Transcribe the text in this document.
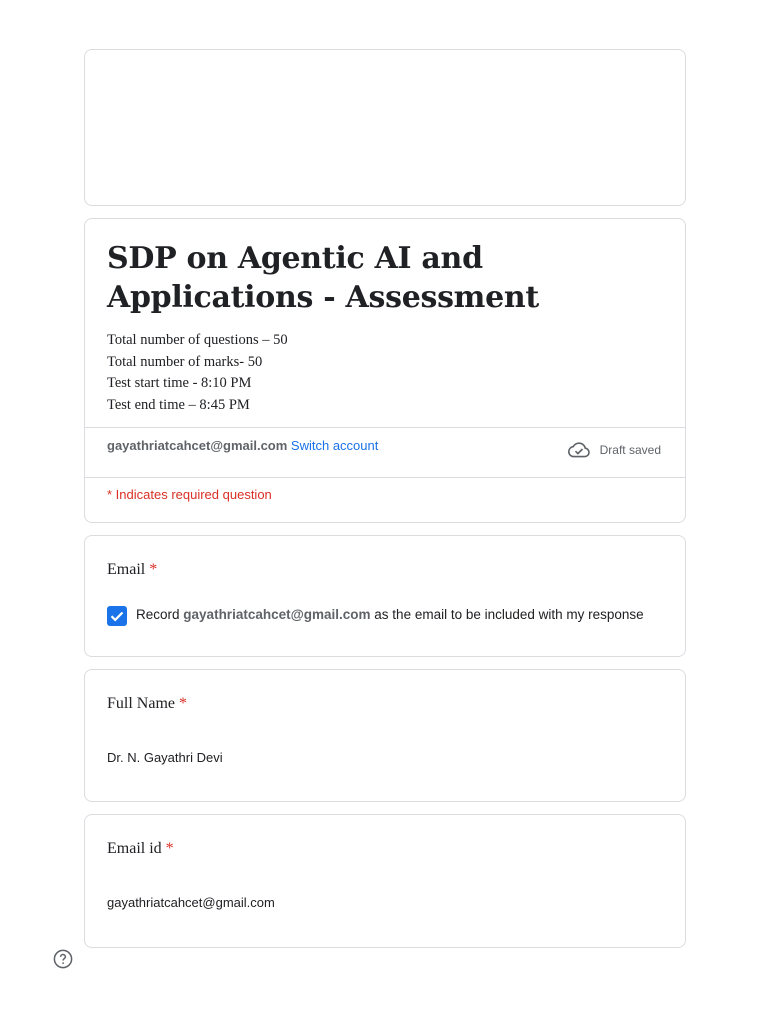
SDP on Agentic AI and Applications - Assessment
Total number of questions – 50
Total number of marks- 50
Test start time - 8:10 PM
Test end time – 8:45 PM
gayathriatcahcet@gmail.com Switch account	Draft saved
* Indicates required question
Email *
Record gayathriatcahcet@gmail.com as the email to be included with my response
Full Name *
Dr. N. Gayathri Devi
Email id *
gayathriatcahcet@gmail.com
